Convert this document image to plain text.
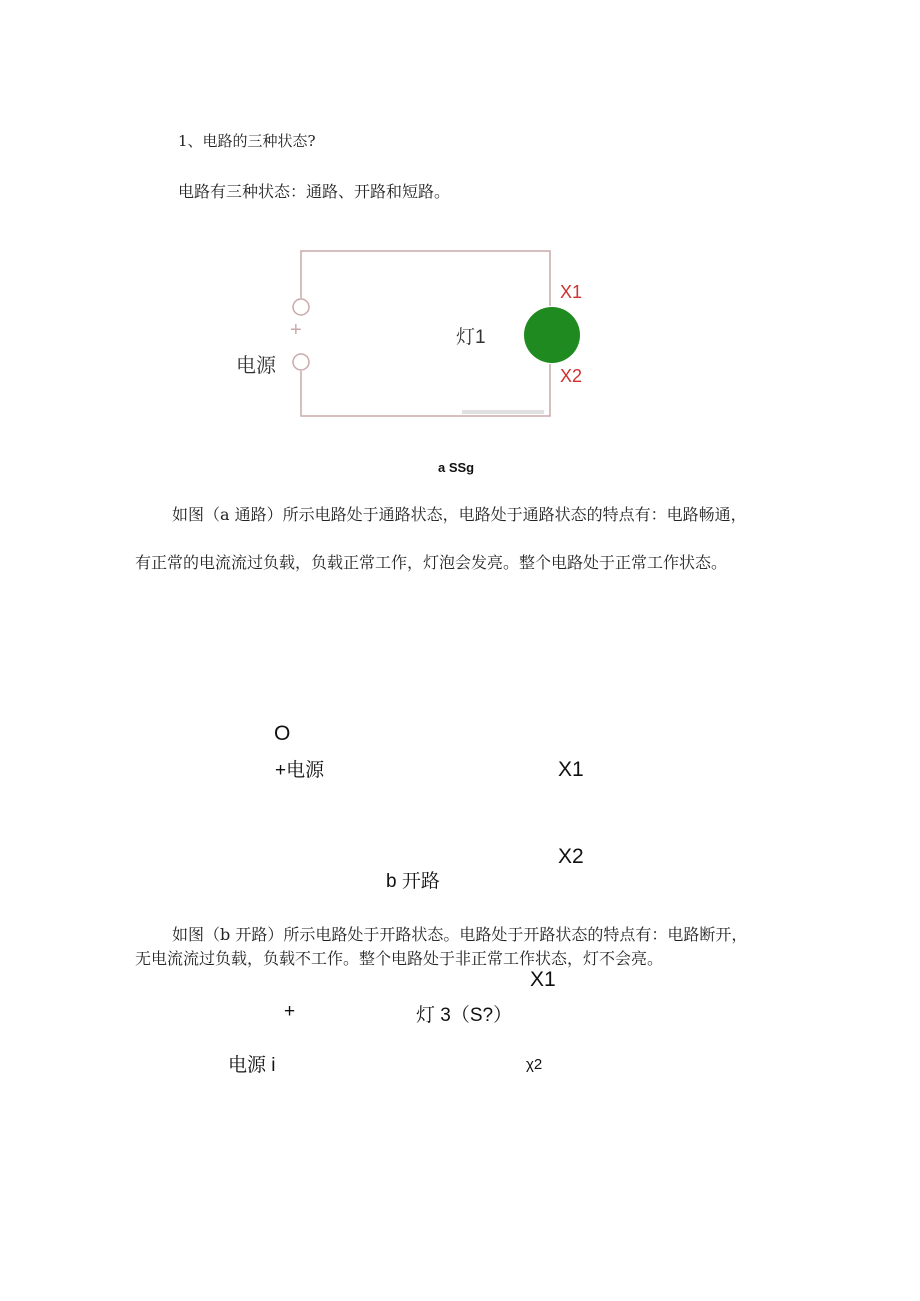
1、电路的三种状态?
电路有三种状态：通路、开路和短路。
+
电源
灯1
X1
X2
a SSg
如图（a 通路）所示电路处于通路状态，电路处于通路状态的特点有：电路畅通，
有正常的电流流过负载，负载正常工作，灯泡会发亮。整个电路处于正常工作状态。
O
+电源	X1
X2
b 开路
如图（b 开路）所示电路处于开路状态。电路处于开路状态的特点有：电路断开，
无电流流过负载，负载不工作。整个电路处于非正常工作状态，灯不会亮。
X1
+	灯 3（S?）
电源 i	χ2
